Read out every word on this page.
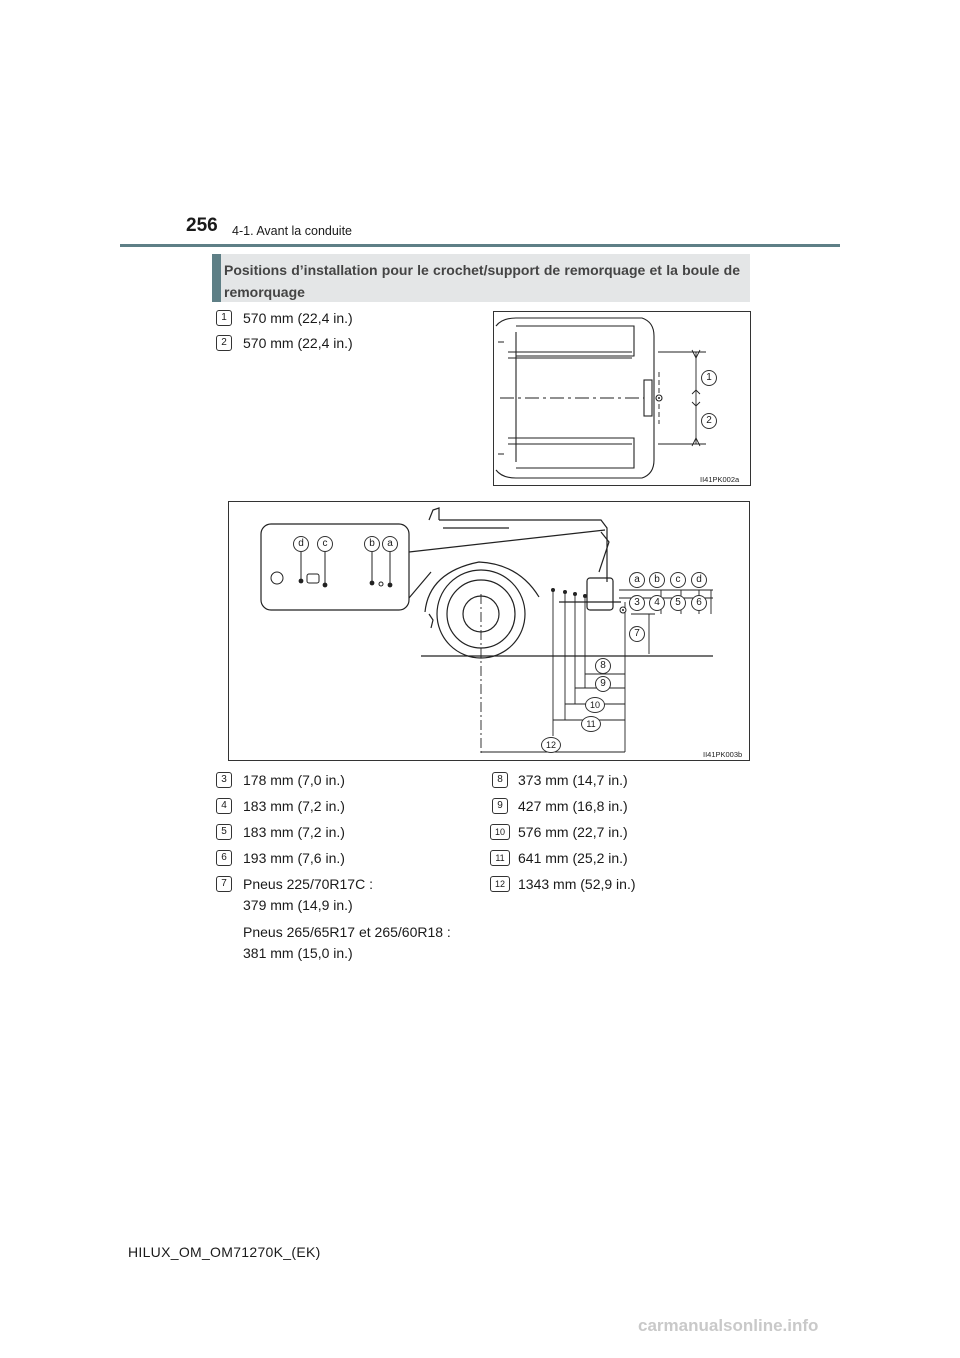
256 4-1. Avant la conduite
Positions d’installation pour le crochet/support de remorquage et la boule de remorquage
1	570 mm (22,4 in.)
2	570 mm (22,4 in.)
1
2
II41PK002a
d	c	b	a
a	b	c	d
3	4	5	6
7
8
9
10
11
12
II41PK003b
3	178 mm (7,0 in.)
4	183 mm (7,2 in.)
5	183 mm (7,2 in.)
6	193 mm (7,6 in.)
7	Pneus 225/70R17C :
379 mm (14,9 in.)
Pneus 265/65R17 et 265/60R18 :
381 mm (15,0 in.)
8	373 mm (14,7 in.)
9	427 mm (16,8 in.)
10 576 mm (22,7 in.)
11 641 mm (25,2 in.)
12 1343 mm (52,9 in.)
HILUX_OM_OM71270K_(EK)
carmanualsonline.info
